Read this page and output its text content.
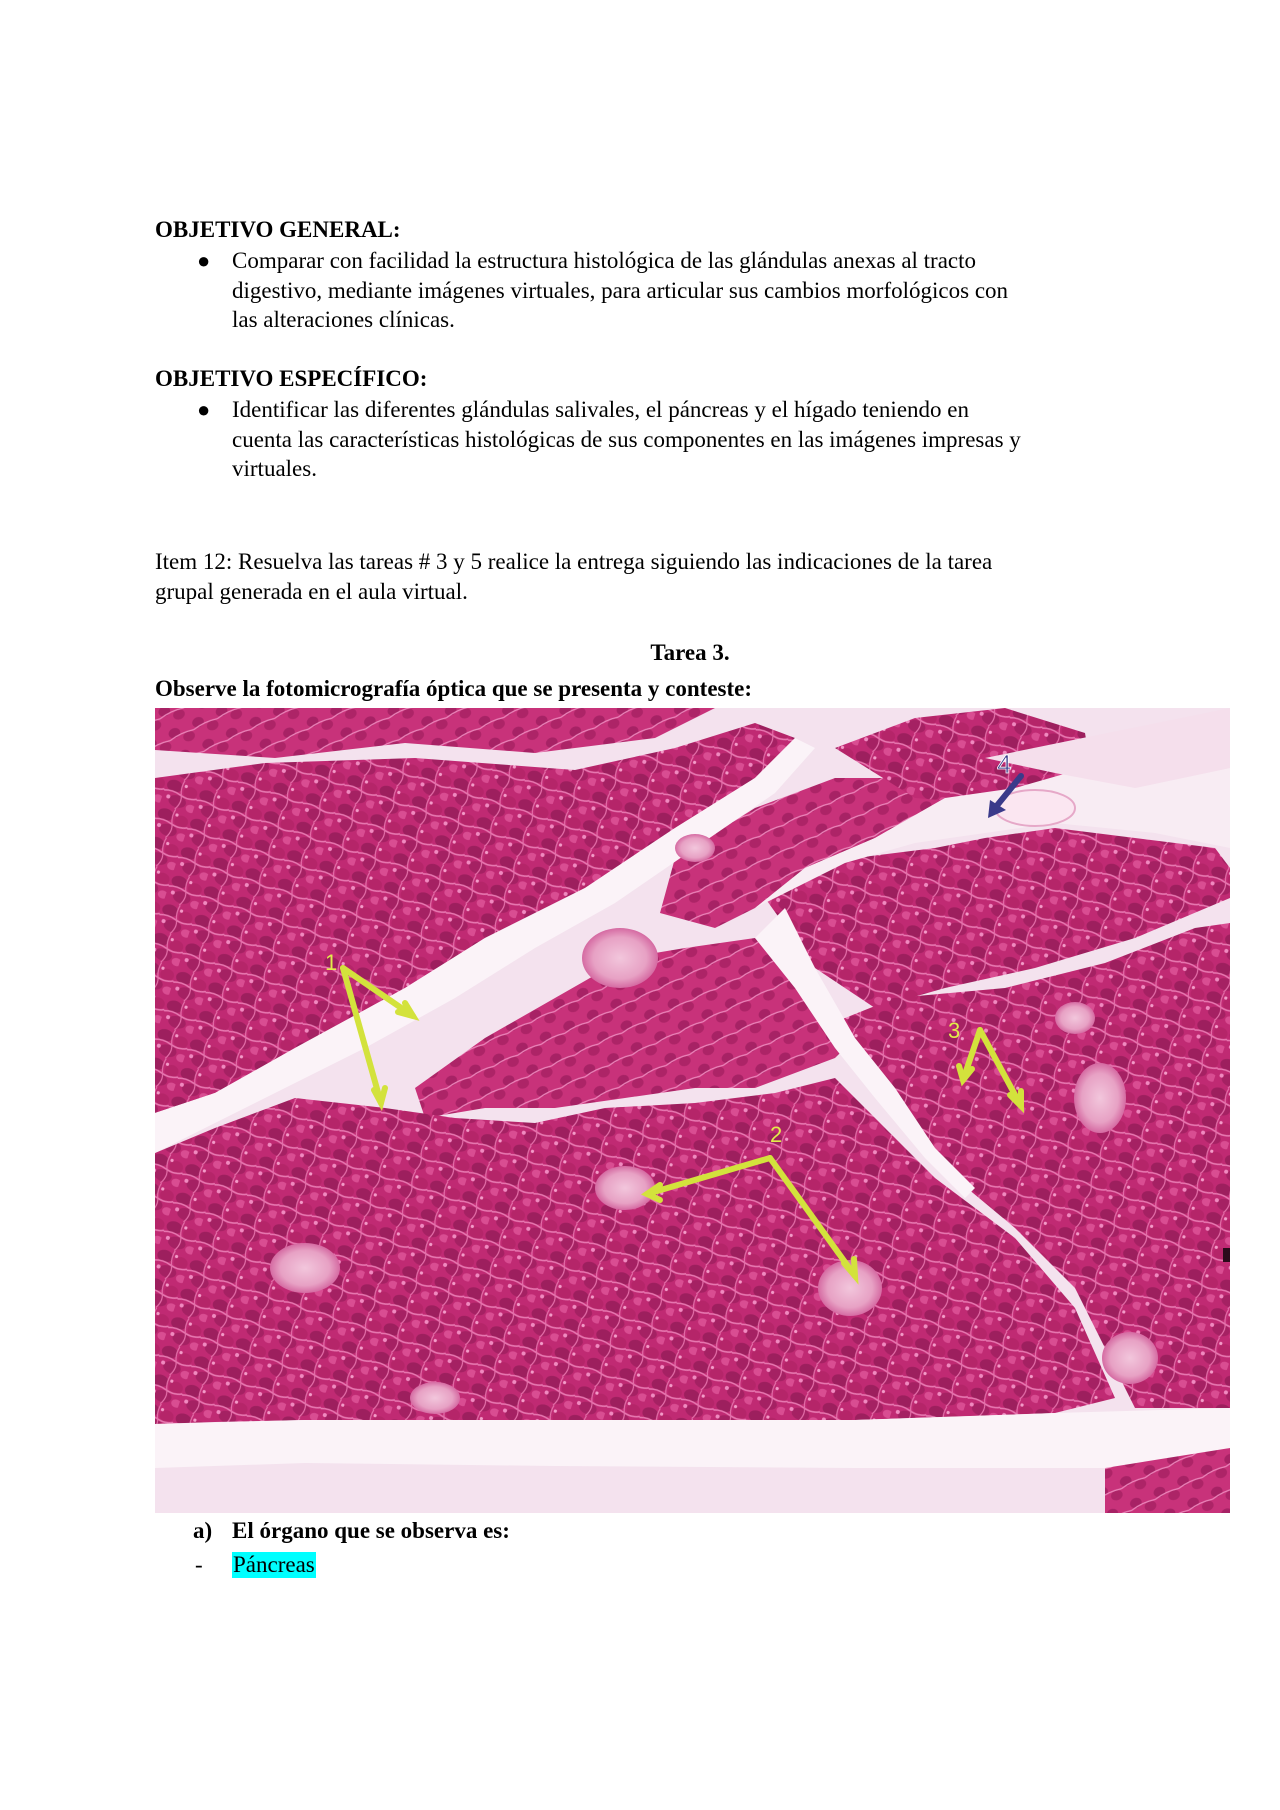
OBJETIVO GENERAL:
● Comparar con facilidad la estructura histológica de las glándulas anexas al tracto
digestivo, mediante imágenes virtuales, para articular sus cambios morfológicos con
las alteraciones clínicas.
OBJETIVO ESPECÍFICO:
● Identificar las diferentes glándulas salivales, el páncreas y el hígado teniendo en
cuenta las características histológicas de sus componentes en las imágenes impresas y
virtuales.
Item 12: Resuelva las tareas # 3 y 5 realice la entrega siguiendo las indicaciones de la tarea
grupal generada en el aula virtual.
Tarea 3.
Observe la fotomicrografía óptica que se presenta y conteste:
1
2
3
4
a) El órgano que se observa es:
- Páncreas
